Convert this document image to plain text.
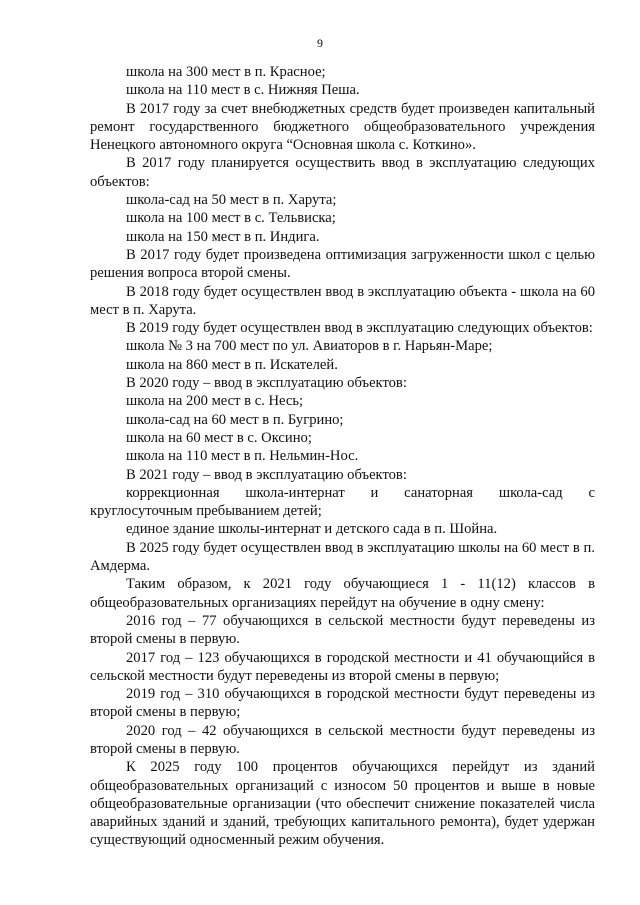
9

школа на 300 мест в п. Красное;

школа на 110 мест в с. Нижняя Пеша.

В 2017 году за счет внебюджетных средств будет произведен капитальный ремонт государственного бюджетного общеобразовательного учреждения Ненецкого автономного округа “Основная школа с. Коткино».

В 2017 году планируется осуществить ввод в эксплуатацию следующих объектов:

школа-сад на 50 мест в п. Харута;

школа на 100 мест в с. Тельвиска;

школа на 150 мест в п. Индига.

В 2017 году будет произведена оптимизация загруженности школ с целью решения вопроса второй смены.

В 2018 году будет осуществлен ввод в эксплуатацию объекта - школа на 60 мест в п. Харута.

В 2019 году будет осуществлен ввод в эксплуатацию следующих объектов:

школа № 3 на 700 мест по ул. Авиаторов в г. Нарьян-Маре;

школа на 860 мест в п. Искателей.

В 2020 году – ввод в эксплуатацию объектов:

школа на 200 мест в с. Несь;

школа-сад на 60 мест в п. Бугрино;

школа на 60 мест в с. Оксино;

школа на 110 мест в п. Нельмин-Нос.

В 2021 году – ввод в эксплуатацию объектов:

коррекционная школа-интернат и санаторная школа-сад с

круглосуточным пребыванием детей;

единое здание школы-интернат и детского сада в п. Шойна.

В 2025 году будет осуществлен ввод в эксплуатацию школы на 60 мест в п. Амдерма.

Таким образом, к 2021 году обучающиеся 1 - 11(12) классов в общеобразовательных организациях перейдут на обучение в одну смену:

2016 год – 77 обучающихся в сельской местности будут переведены из второй смены в первую.

2017 год – 123 обучающихся в городской местности и 41 обучающийся в сельской местности будут переведены из второй смены в первую;

2019 год – 310 обучающихся в городской местности будут переведены из второй смены в первую;

2020 год – 42 обучающихся в сельской местности будут переведены из второй смены в первую.

К 2025 году 100 процентов обучающихся перейдут из зданий общеобразовательных организаций с износом 50 процентов и выше в новые общеобразовательные организации (что обеспечит снижение показателей числа аварийных зданий и зданий, требующих капитального ремонта), будет удержан существующий односменный режим обучения.
